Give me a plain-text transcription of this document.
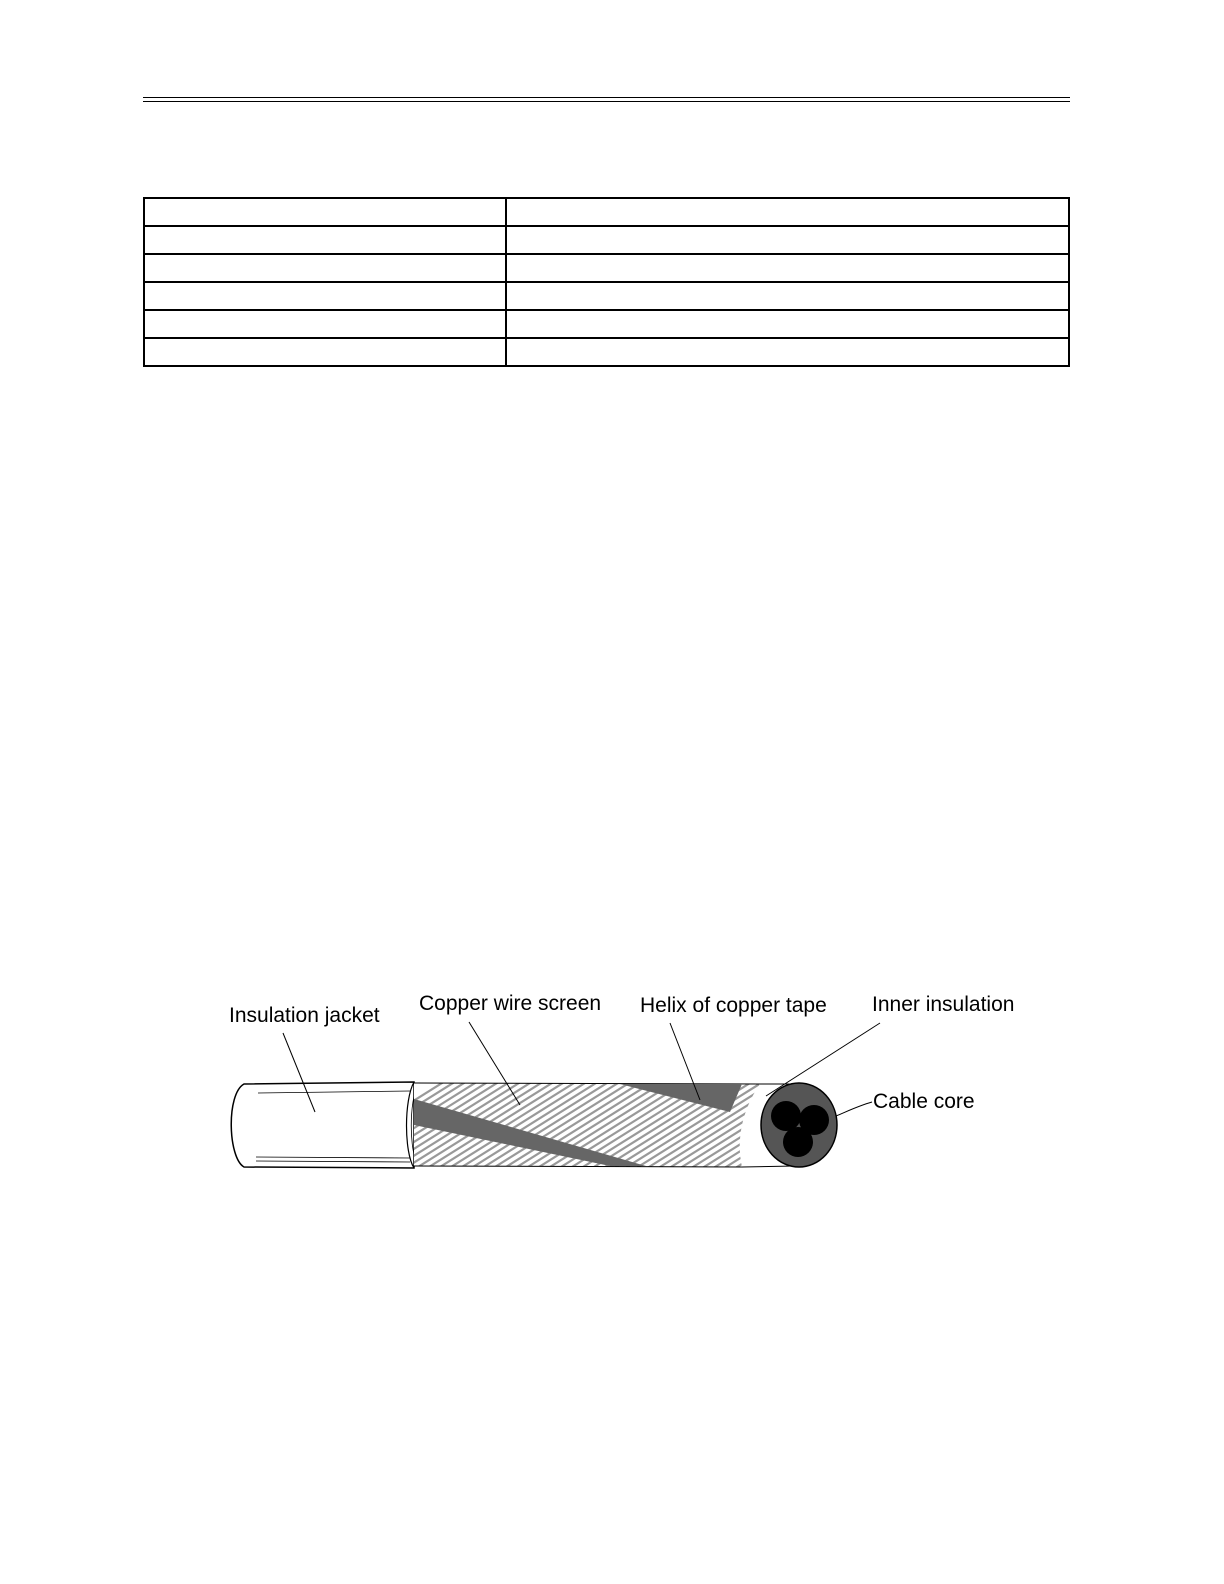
Insulation jacket
Copper wire screen Helix of copper tape Inner insulation
Cable core
